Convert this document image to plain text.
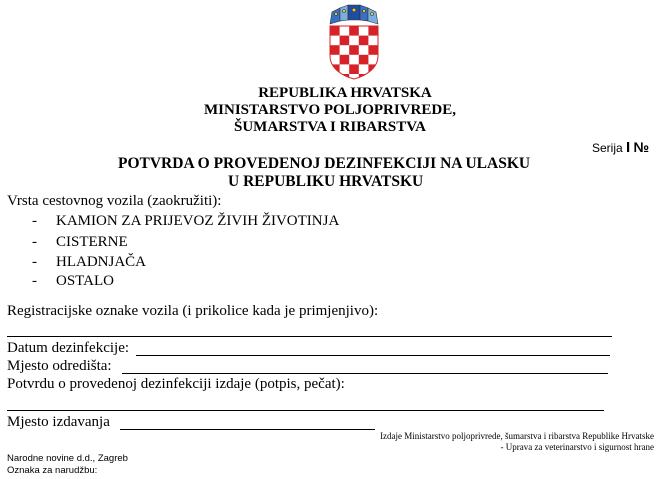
REPUBLIKA HRVATSKA
MINISTARSTVO POLJOPRIVREDE,
ŠUMARSTVA I RIBARSTVA
Serija I №
POTVRDA O PROVEDENOJ DEZINFEKCIJI NA ULASKU
U REPUBLIKU HRVATSKU
Vrsta cestovnog vozila (zaokružiti):
- KAMION ZA PRIJEVOZ ŽIVIH ŽIVOTINJA
- CISTERNE
- HLADNJAČA
- OSTALO
Registracijske oznake vozila (i prikolice kada je primjenjivo):
Datum dezinfekcije:
Mjesto odredišta:
Potvrdu o provedenoj dezinfekciji izdaje (potpis, pečat):
Mjesto izdavanja
Izdaje Ministarstvo poljoprivrede, šumarstva i ribarstva Republike Hrvatske
- Uprava za veterinarstvo i sigurnost hrane
Narodne novine d.d., Zagreb
Oznaka za narudžbu:
